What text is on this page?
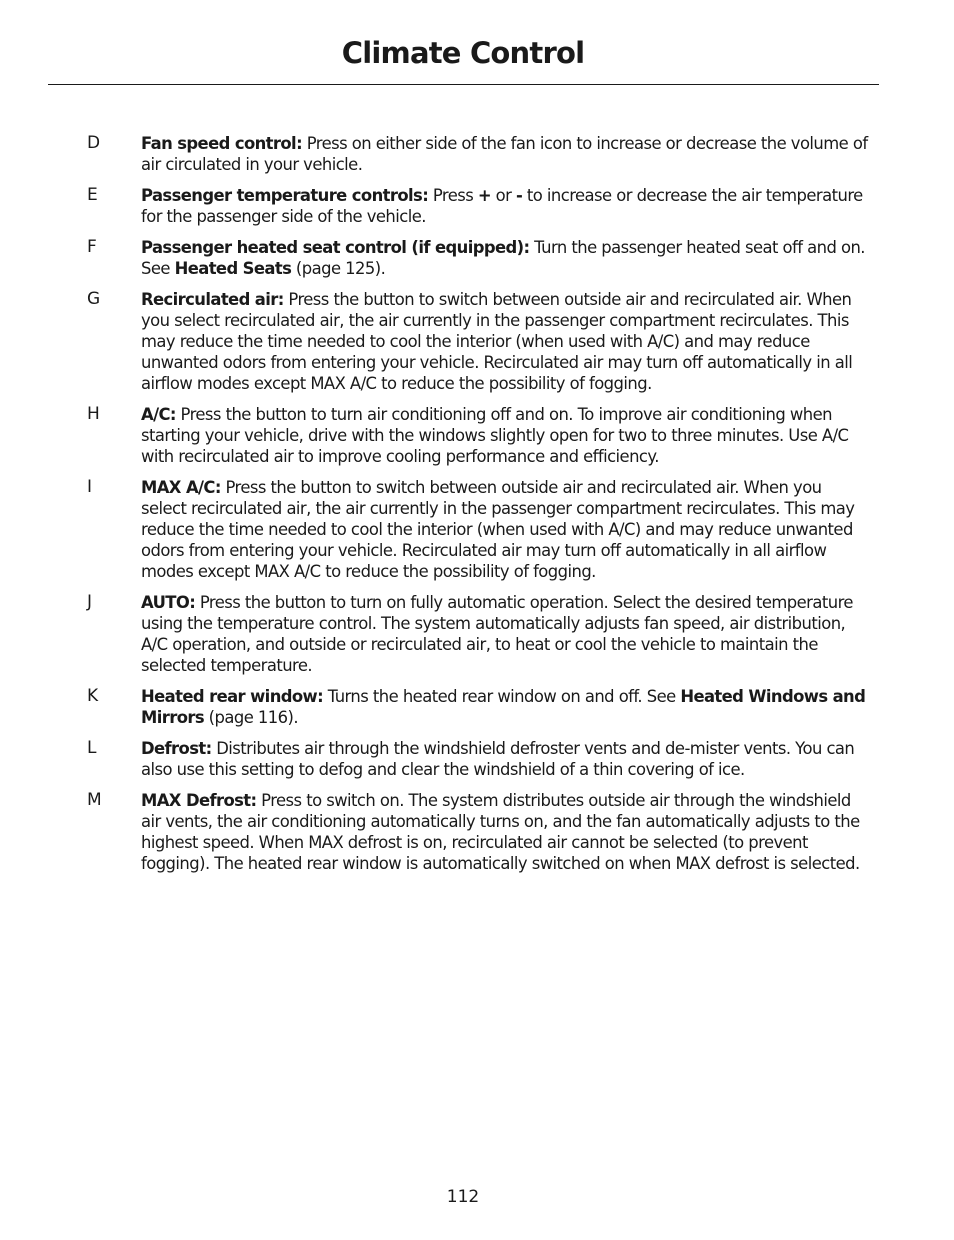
Climate Control
D Fan speed control: Press on either side of the fan icon to increase or decrease the volume of air circulated in your vehicle.
E	Passenger temperature controls: Press + or - to increase or decrease the air temperature for the passenger side of the vehicle.
F	Passenger heated seat control (if equipped): Turn the passenger heated seat off and on. See Heated Seats (page 125).
G Recirculated air: Press the button to switch between outside air and recirculated air. When you select recirculated air, the air currently in the passenger compartment recirculates. This may reduce the time needed to cool the interior (when used with A/C) and may reduce unwanted odors from entering your vehicle. Recirculated air may turn off automatically in all airflow modes except MAX A/C to reduce the possibility of fogging.
H	A/C: Press the button to turn air conditioning off and on. To improve air conditioning when starting your vehicle, drive with the windows slightly open for two to three minutes. Use A/C with recirculated air to improve cooling performance and efficiency.
I	MAX A/C: Press the button to switch between outside air and recirculated air. When you select recirculated air, the air currently in the passenger compartment recirculates. This may reduce the time needed to cool the interior (when used with A/C) and may reduce unwanted odors from entering your vehicle. Recirculated air may turn off automatically in all airflow modes except MAX A/C to reduce the possibility of fogging.
J	AUTO: Press the button to turn on fully automatic operation. Select the desired temperature using the temperature control. The system automatically adjusts fan speed, air distribution, A/C operation, and outside or recirculated air, to heat or cool the vehicle to maintain the selected temperature.
K	Heated rear window: Turns the heated rear window on and off. See Heated Windows and Mirrors (page 116).
L	Defrost: Distributes air through the windshield defroster vents and de-mister vents. You can also use this setting to defog and clear the windshield of a thin covering of ice.
M MAX Defrost: Press to switch on. The system distributes outside air through the windshield air vents, the air conditioning automatically turns on, and the fan automatically adjusts to the highest speed. When MAX defrost is on, recirculated air cannot be selected (to prevent fogging). The heated rear window is automatically switched on when MAX defrost is selected.
112
